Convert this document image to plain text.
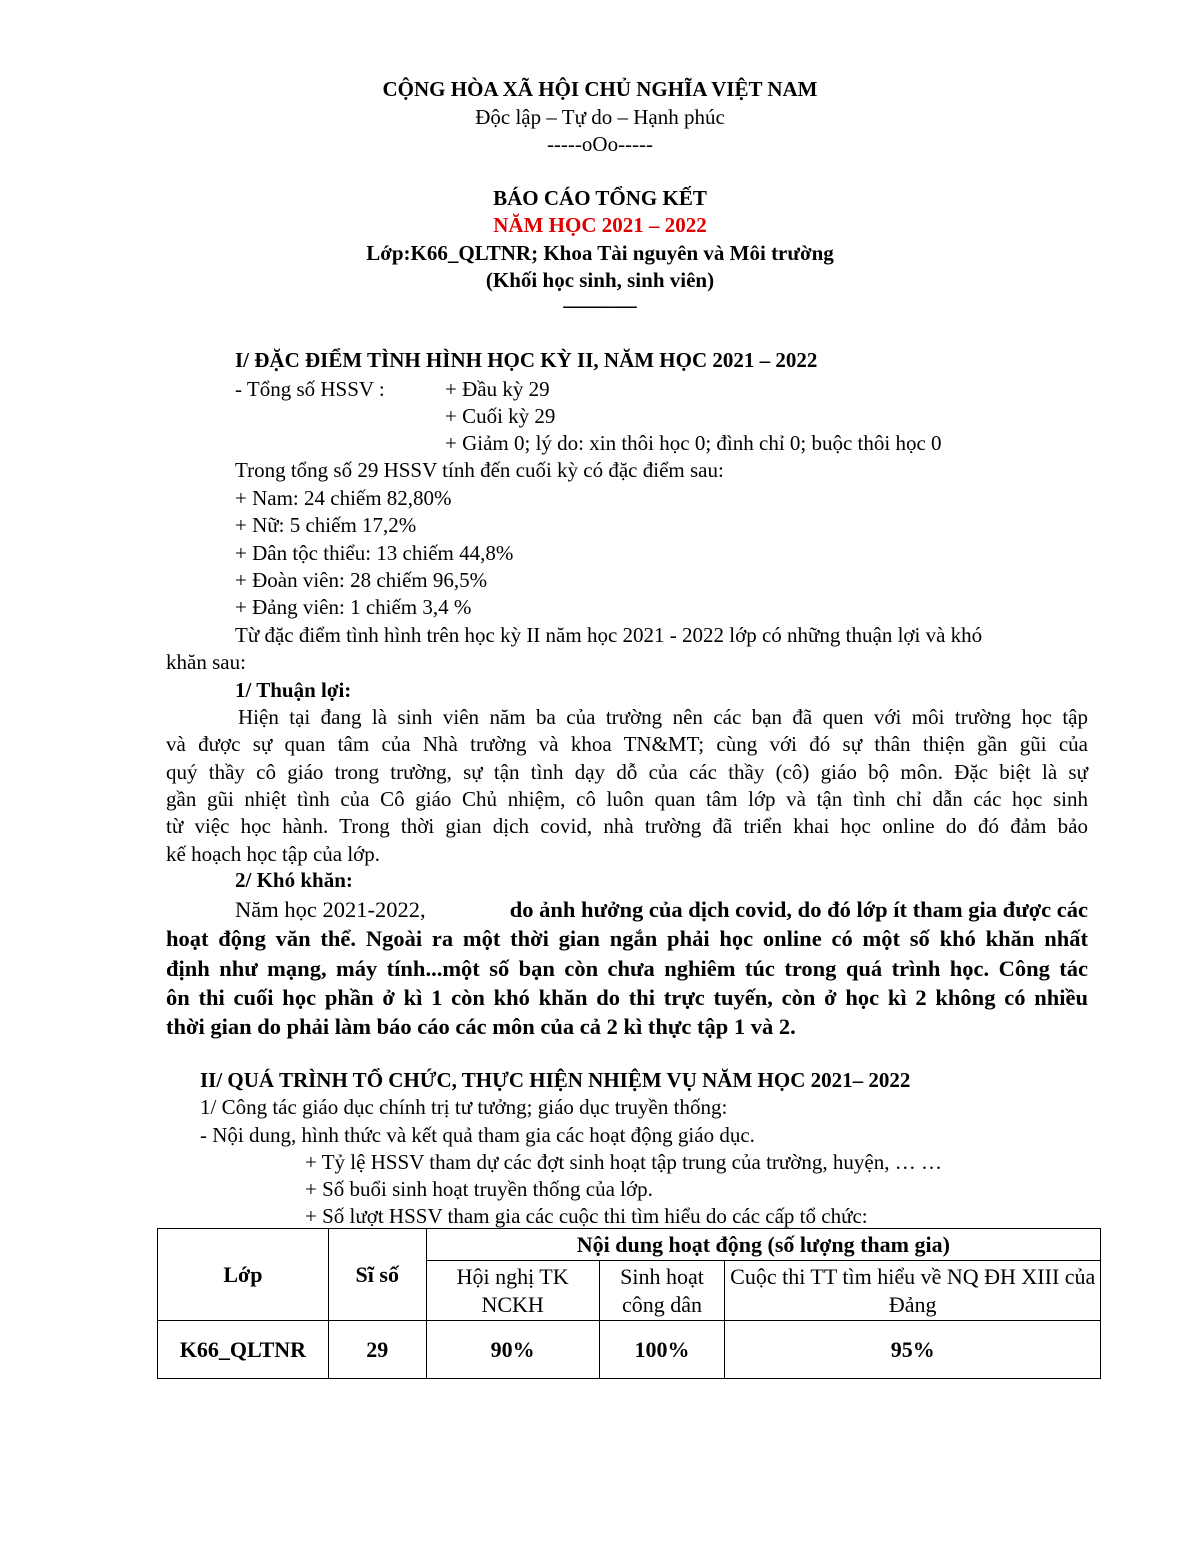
CỘNG HÒA XÃ HỘI CHỦ NGHĨA VIỆT NAM
Độc lập – Tự do – Hạnh phúc
-----oOo-----
BÁO CÁO TỔNG KẾT
NĂM HỌC 2021 – 2022
Lớp:K66_QLTNR; Khoa Tài nguyên và Môi trường
(Khối học sinh, sinh viên)
——–—
I/ ĐẶC ĐIỂM TÌNH HÌNH HỌC KỲ II, NĂM HỌC 2021 – 2022
- Tổng số HSSV :	+ Đầu kỳ 29
+ Cuối kỳ 29
+ Giảm 0; lý do: xin thôi học 0; đình chỉ 0; buộc thôi học 0
Trong tổng số 29 HSSV tính đến cuối kỳ có đặc điểm sau:
+ Nam: 24 chiếm 82,80%
+ Nữ: 5 chiếm 17,2%
+ Dân tộc thiểu: 13 chiếm 44,8%
+ Đoàn viên: 28 chiếm 96,5%
+ Đảng viên: 1 chiếm 3,4 %
Từ đặc điểm tình hình trên học kỳ II năm học 2021 - 2022 lớp có những thuận lợi và khó
khăn sau:
1/ Thuận lợi:
Hiện tại đang là sinh viên năm ba của trường nên các bạn đã quen với môi trường học tập
và được sự quan tâm của Nhà trường và khoa TN&MT; cùng với đó sự thân thiện gần gũi của
quý thầy cô giáo trong trường, sự tận tình dạy dỗ của các thầy (cô) giáo bộ môn. Đặc biệt là sự
gần gũi nhiệt tình của Cô giáo Chủ nhiệm, cô luôn quan tâm lớp và tận tình chỉ dẫn các học sinh
từ việc học hành. Trong thời gian dịch covid, nhà trường đã triển khai học online do đó đảm bảo
kế hoạch học tập của lớp.
2/ Khó khăn:
Năm học 2021-2022,	do ảnh hưởng của dịch covid, do đó lớp ít tham gia được các
hoạt động văn thể. Ngoài ra một thời gian ngắn phải học online có một số khó khăn nhất
định như mạng, máy tính...một số bạn còn chưa nghiêm túc trong quá trình học. Công tác
ôn thi cuối học phần ở kì 1 còn khó khăn do thi trực tuyến, còn ở học kì 2 không có nhiều
thời gian do phải làm báo cáo các môn của cả 2 kì thực tập 1 và 2.
II/ QUÁ TRÌNH TỔ CHỨC, THỰC HIỆN NHIỆM VỤ NĂM HỌC 2021– 2022
1/ Công tác giáo dục chính trị tư tưởng; giáo dục truyền thống:
- Nội dung, hình thức và kết quả tham gia các hoạt động giáo dục.
+ Tỷ lệ HSSV tham dự các đợt sinh hoạt tập trung của trường, huyện, … …
+ Số buổi sinh hoạt truyền thống của lớp.
+ Số lượt HSSV tham gia các cuộc thi tìm hiểu do các cấp tổ chức:
Lớp	Sĩ số	Nội dung hoạt động (số lượng tham gia)		
		Hội nghị TK NCKH	Sinh hoạt công dân	Cuộc thi TT tìm hiểu về NQ ĐH XIII của Đảng
K66_QLTNR	29	90%	100%	95%
